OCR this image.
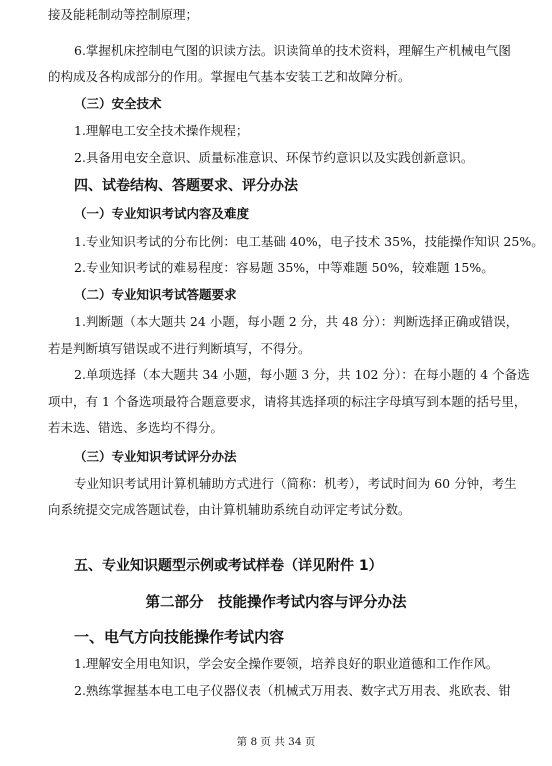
接及能耗制动等控制原理；
6.掌握机床控制电气图的识读方法。识读简单的技术资料，理解生产机械电气图
的构成及各构成部分的作用。掌握电气基本安装工艺和故障分析。
（三）安全技术
1.理解电工安全技术操作规程；
2.具备用电安全意识、质量标准意识、环保节约意识以及实践创新意识。
四、试卷结构、答题要求、评分办法
（一）专业知识考试内容及难度
1.专业知识考试的分布比例：电工基础 40%，电子技术 35%，技能操作知识 25%。
2.专业知识考试的难易程度：容易题 35%，中等难题 50%，较难题 15%。
（二）专业知识考试答题要求
1.判断题（本大题共 24 小题，每小题 2 分，共 48 分）：判断选择正确或错误，
若是判断填写错误或不进行判断填写，不得分。
2.单项选择（本大题共 34 小题，每小题 3 分，共 102 分）：在每小题的 4 个备选
项中，有 1 个备选项最符合题意要求，请将其选择项的标注字母填写到本题的括号里，
若未选、错选、多选均不得分。
（三）专业知识考试评分办法
专业知识考试用计算机辅助方式进行（简称：机考），考试时间为 60 分钟，考生
向系统提交完成答题试卷，由计算机辅助系统自动评定考试分数。
五、专业知识题型示例或考试样卷（详见附件 1）
第二部分　技能操作考试内容与评分办法
一、电气方向技能操作考试内容
1.理解安全用电知识，学会安全操作要领，培养良好的职业道德和工作作风。
2.熟练掌握基本电工电子仪器仪表（机械式万用表、数字式万用表、兆欧表、钳
第 8 页 共 34 页
